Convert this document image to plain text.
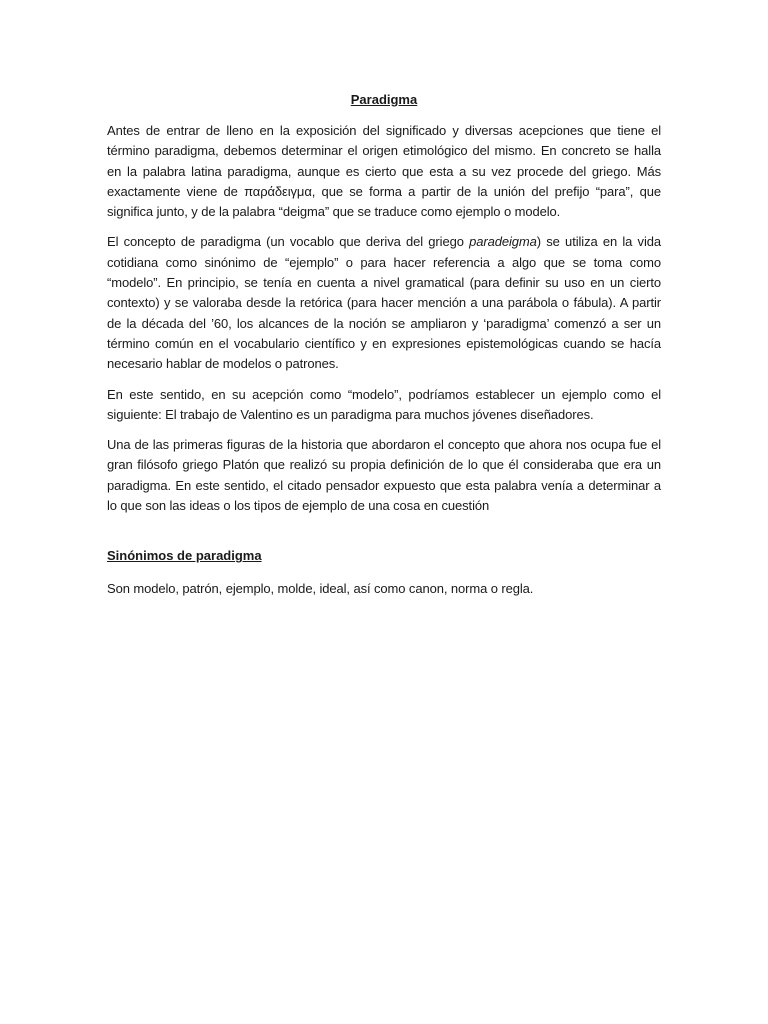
Paradigma

Antes de entrar de lleno en la exposición del significado y diversas acepciones que tiene el término paradigma, debemos determinar el origen etimológico del mismo. En concreto se halla en la palabra latina paradigma, aunque es cierto que esta a su vez procede del griego. Más exactamente viene de παράδειγμα, que se forma a partir de la unión del prefijo “para”, que significa junto, y de la palabra “deigma” que se traduce como ejemplo o modelo.

El concepto de paradigma (un vocablo que deriva del griego paradeigma) se utiliza en la vida cotidiana como sinónimo de “ejemplo” o para hacer referencia a algo que se toma como “modelo”. En principio, se tenía en cuenta a nivel gramatical (para definir su uso en un cierto contexto) y se valoraba desde la retórica (para hacer mención a una parábola o fábula). A partir de la década del ’60, los alcances de la noción se ampliaron y ‘paradigma’ comenzó a ser un término común en el vocabulario científico y en expresiones epistemológicas cuando se hacía necesario hablar de modelos o patrones.

En este sentido, en su acepción como “modelo”, podríamos establecer un ejemplo como el siguiente: El trabajo de Valentino es un paradigma para muchos jóvenes diseñadores.

Una de las primeras figuras de la historia que abordaron el concepto que ahora nos ocupa fue el gran filósofo griego Platón que realizó su propia definición de lo que él consideraba que era un paradigma. En este sentido, el citado pensador expuesto que esta palabra venía a determinar a lo que son las ideas o los tipos de ejemplo de una cosa en cuestión

Sinónimos de paradigma

Son modelo, patrón, ejemplo, molde, ideal, así como canon, norma o regla.
